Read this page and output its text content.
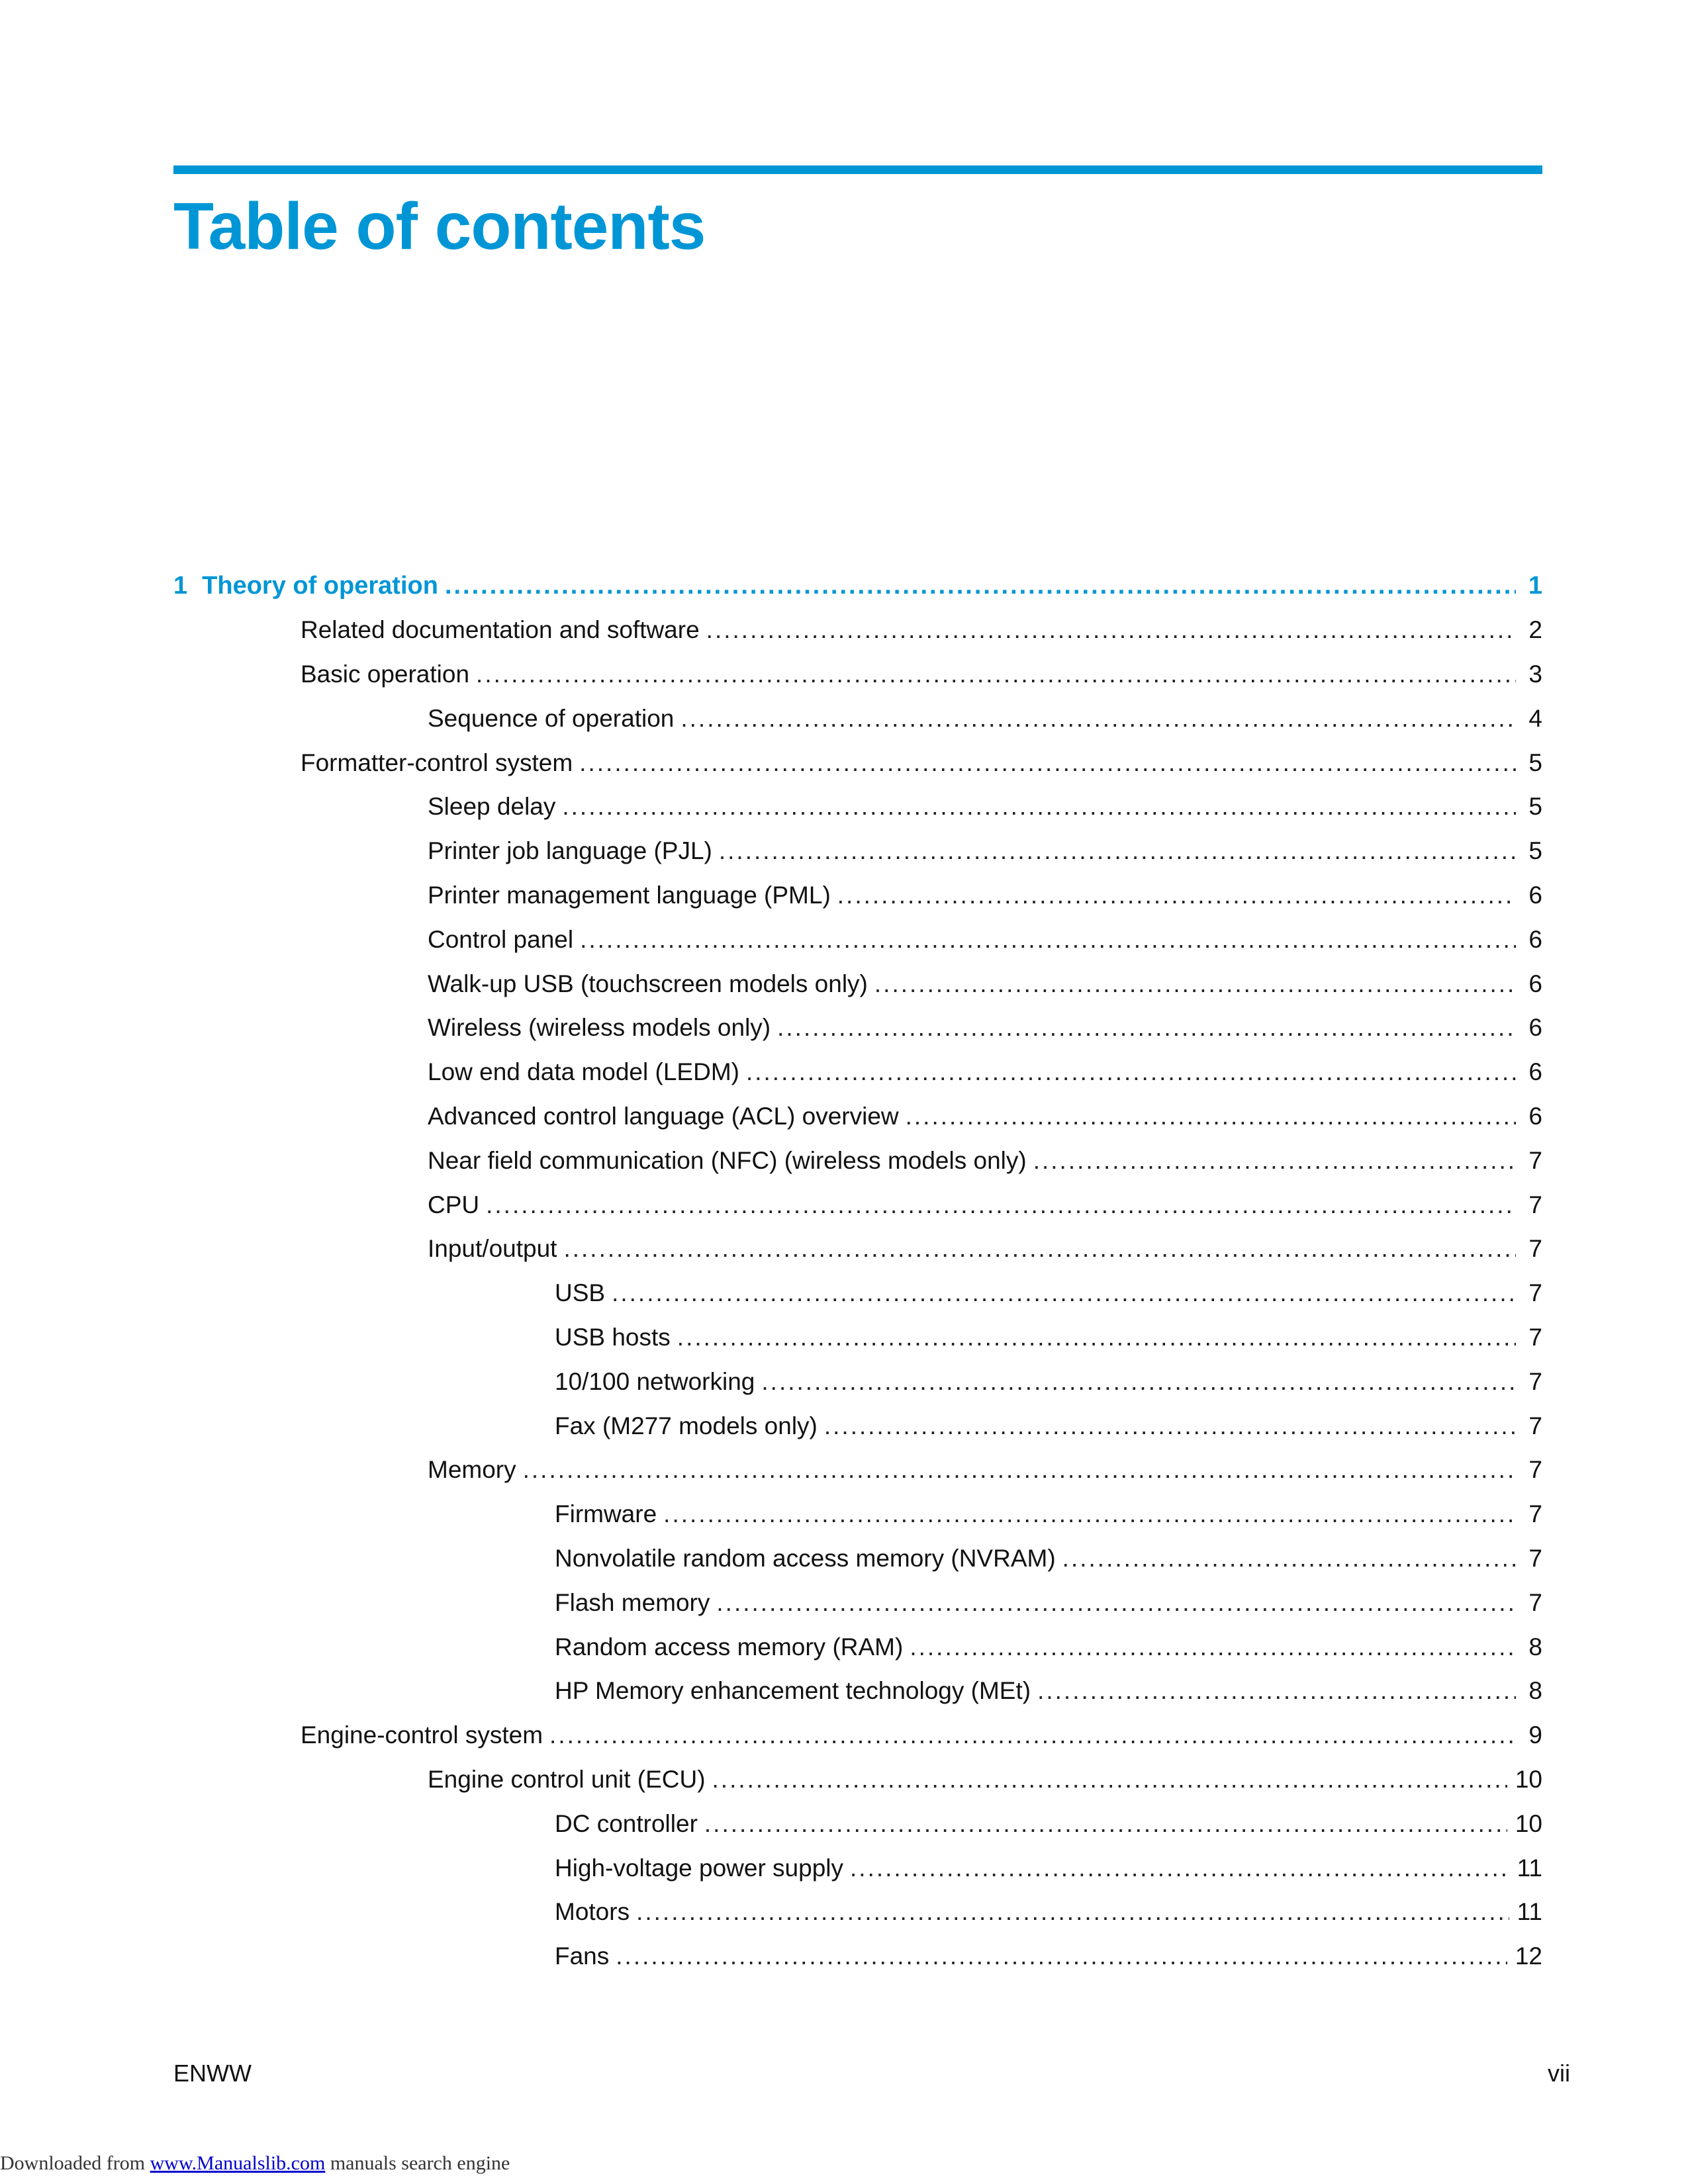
Table of contents
1 Theory of operation .....	1
Related documentation and software .....	2
Basic operation .....	3
Sequence of operation .....	4
Formatter-control system .....	5
Sleep delay .....	5
Printer job language (PJL) .....	5
Printer management language (PML) .....	6
Control panel .....	6
Walk-up USB (touchscreen models only) .....	6
Wireless (wireless models only) .....	6
Low end data model (LEDM) .....	6
Advanced control language (ACL) overview .....	6
Near field communication (NFC) (wireless models only) .....	7
CPU .....	7
Input/output .....	7
USB .....	7
USB hosts .....	7
10/100 networking .....	7
Fax (M277 models only) .....	7
Memory .....	7
Firmware .....	7
Nonvolatile random access memory (NVRAM) .....	7
Flash memory .....	7
Random access memory (RAM) .....	8
HP Memory enhancement technology (MEt) .....	8
Engine-control system .....	9
Engine control unit (ECU) .....	10
DC controller .....	10
High-voltage power supply .....	11
Motors .....	11
Fans .....	12
ENWW	vii
Downloaded from www.Manualslib.com manuals search engine
